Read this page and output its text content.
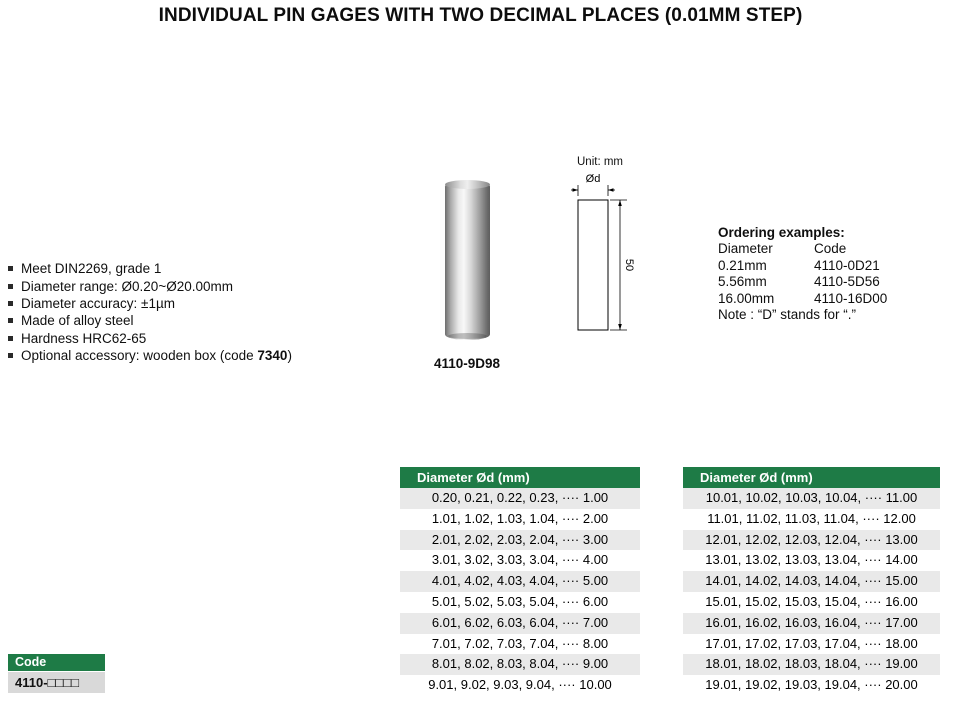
INDIVIDUAL PIN GAGES WITH TWO DECIMAL PLACES (0.01MM STEP)
Meet DIN2269, grade 1
Diameter range: Ø0.20~Ø20.00mm
Diameter accuracy: ±1µm
Made of alloy steel
Hardness HRC62-65
Optional accessory: wooden box (code 7340)
4110-9D98
Unit: mm
Ød
50
Ordering examples:
Diameter	Code
0.21mm	4110-0D21
5.56mm	4110-5D56
16.00mm	4110-16D00
Note : “D” stands for “.”
Diameter Ød (mm)
0.20, 0.21, 0.22, 0.23, ···· 1.00
1.01, 1.02, 1.03, 1.04, ···· 2.00
2.01, 2.02, 2.03, 2.04, ···· 3.00
3.01, 3.02, 3.03, 3.04, ···· 4.00
4.01, 4.02, 4.03, 4.04, ···· 5.00
5.01, 5.02, 5.03, 5.04, ···· 6.00
6.01, 6.02, 6.03, 6.04, ···· 7.00
7.01, 7.02, 7.03, 7.04, ···· 8.00
8.01, 8.02, 8.03, 8.04, ···· 9.00
9.01, 9.02, 9.03, 9.04, ···· 10.00
Diameter Ød (mm)
10.01, 10.02, 10.03, 10.04, ···· 11.00
11.01, 11.02, 11.03, 11.04, ···· 12.00
12.01, 12.02, 12.03, 12.04, ···· 13.00
13.01, 13.02, 13.03, 13.04, ···· 14.00
14.01, 14.02, 14.03, 14.04, ···· 15.00
15.01, 15.02, 15.03, 15.04, ···· 16.00
16.01, 16.02, 16.03, 16.04, ···· 17.00
17.01, 17.02, 17.03, 17.04, ···· 18.00
18.01, 18.02, 18.03, 18.04, ···· 19.00
19.01, 19.02, 19.03, 19.04, ···· 20.00
Code
4110-□□□□
